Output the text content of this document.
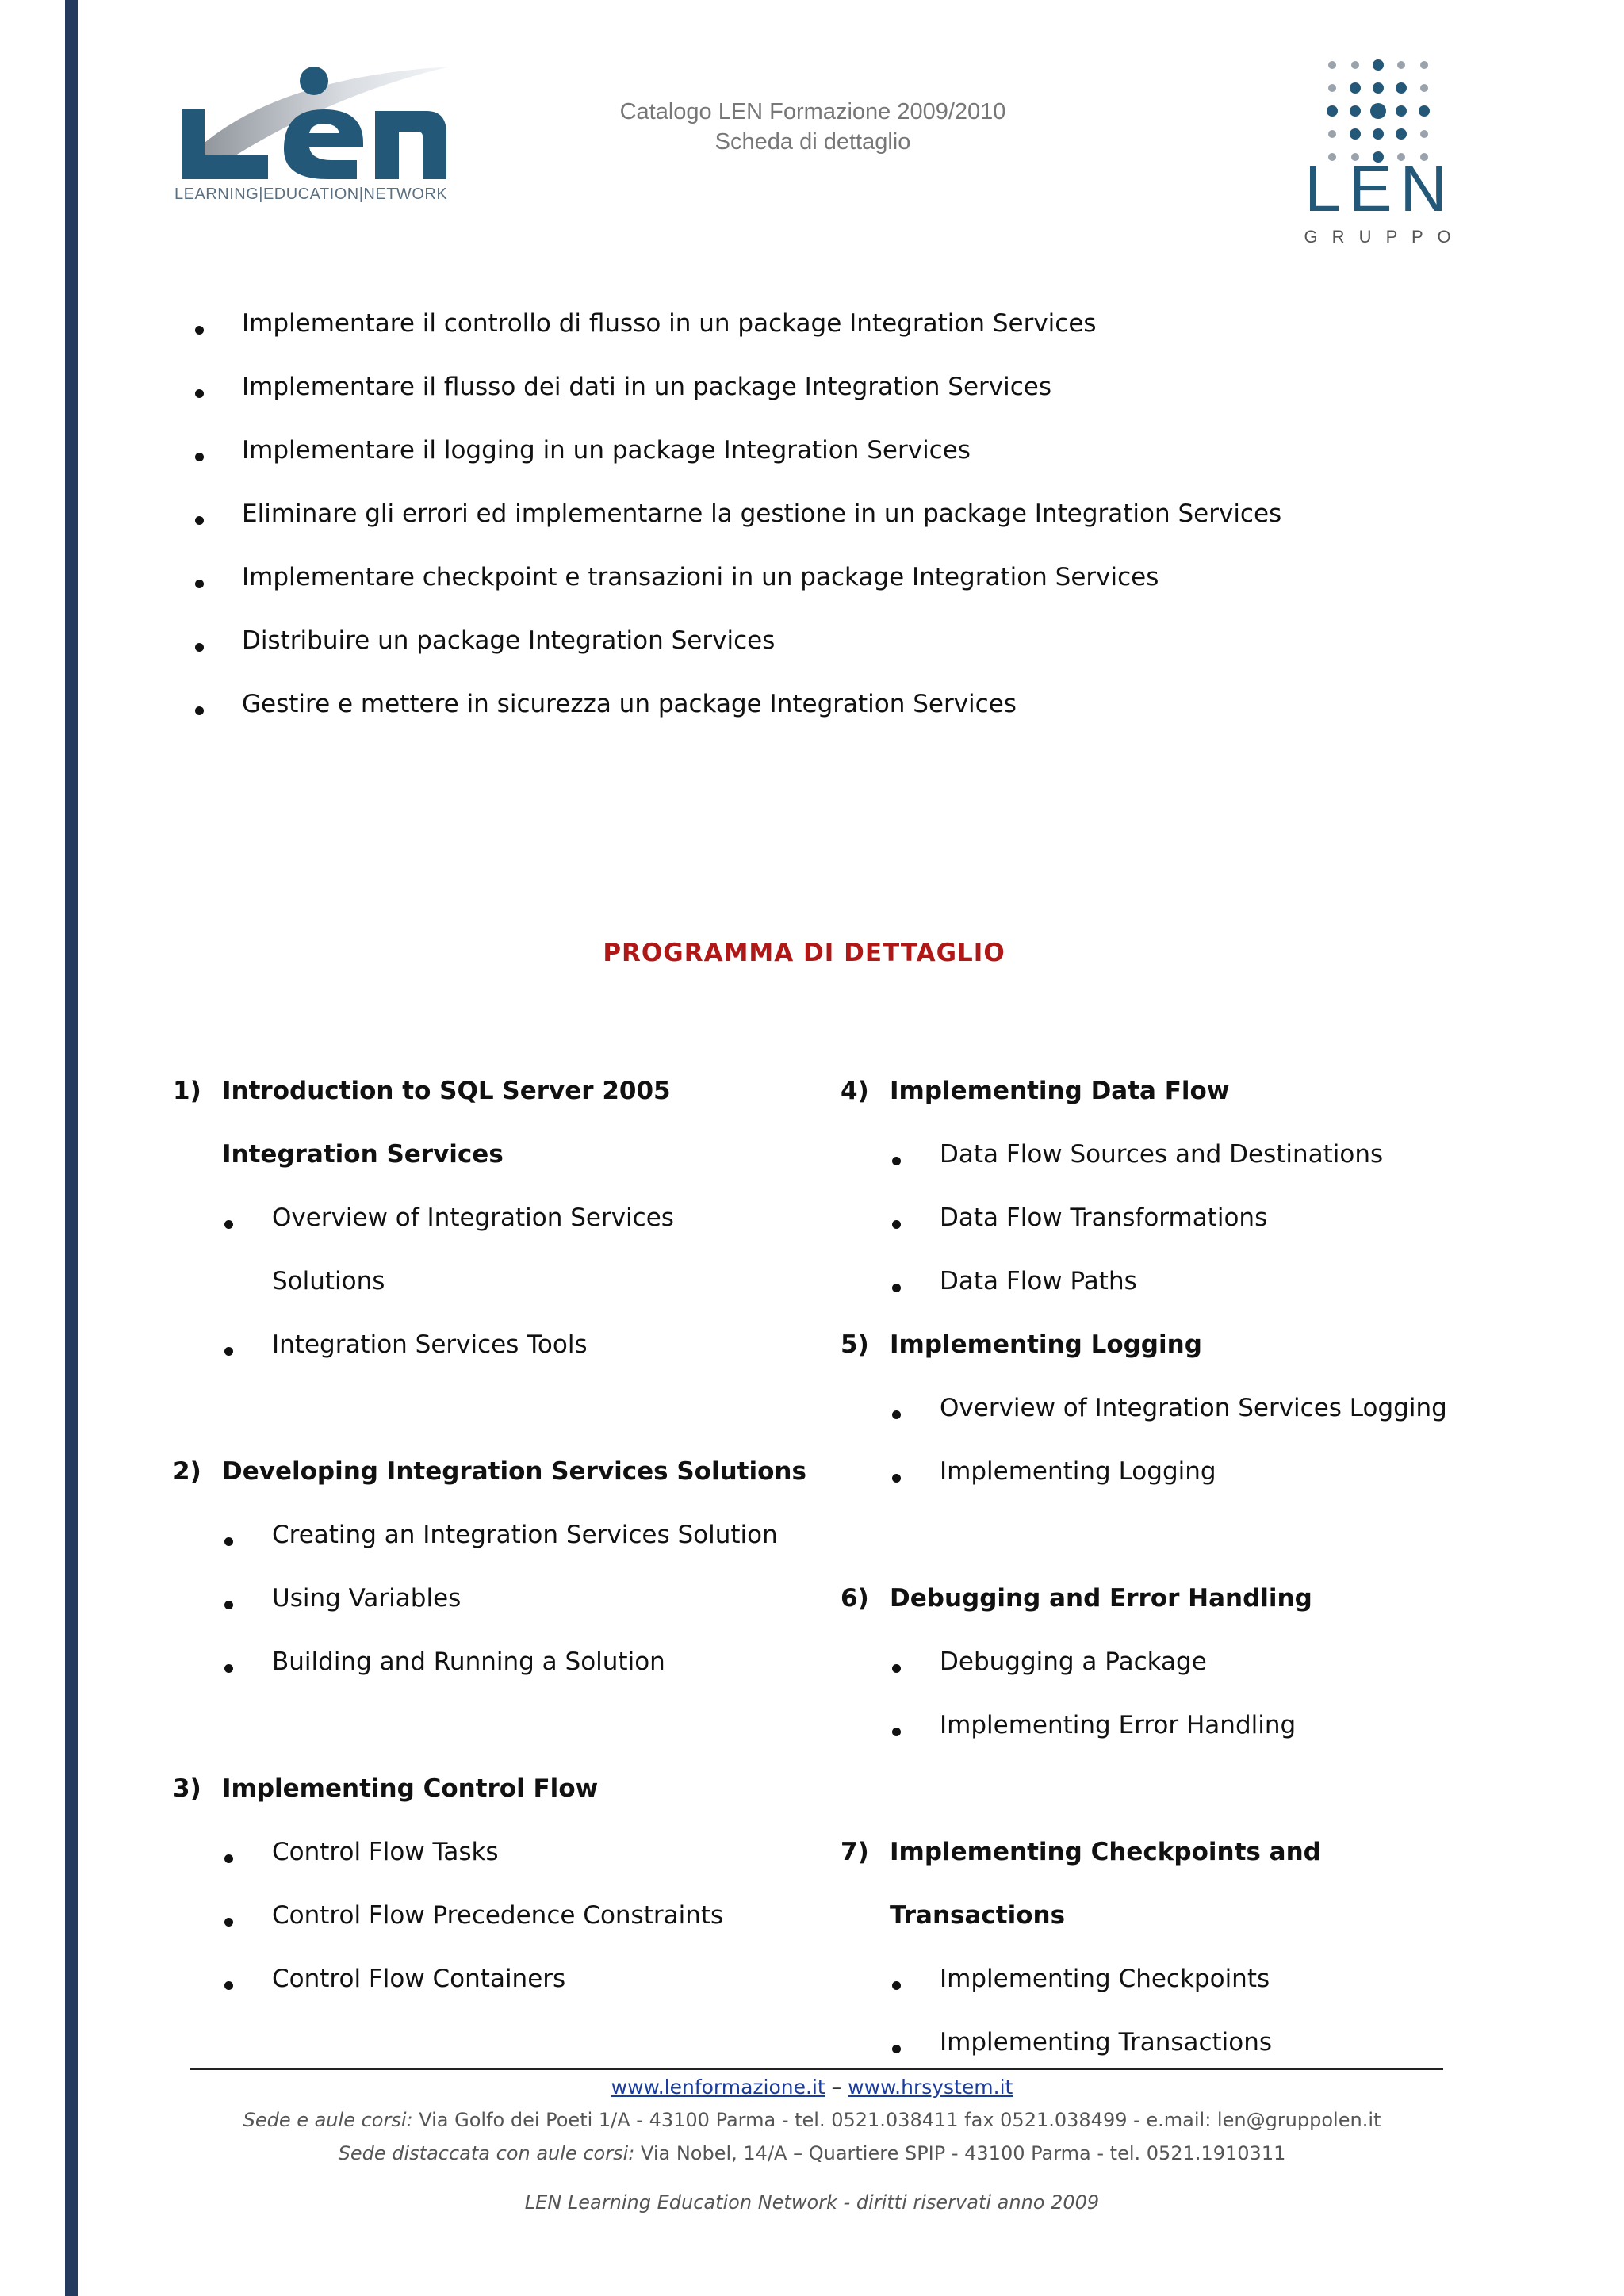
LEARNING|EDUCATION|NETWORK
Catalogo LEN Formazione 2009/2010
Scheda di dettaglio
LEN
G R U P P O
Implementare il controllo di flusso in un package Integration Services
Implementare il flusso dei dati in un package Integration Services
Implementare il logging in un package Integration Services
Eliminare gli errori ed implementarne la gestione in un package Integration Services
Implementare checkpoint e transazioni in un package Integration Services
Distribuire un package Integration Services
Gestire e mettere in sicurezza un package Integration Services
PROGRAMMA DI DETTAGLIO
1) Introduction to SQL Server 2005
Integration Services
Overview of Integration Services
Solutions
Integration Services Tools
2) Developing Integration Services Solutions
Creating an Integration Services Solution
Using Variables
Building and Running a Solution
3) Implementing Control Flow
Control Flow Tasks
Control Flow Precedence Constraints
Control Flow Containers
4) Implementing Data Flow
Data Flow Sources and Destinations
Data Flow Transformations
Data Flow Paths
5) Implementing Logging
Overview of Integration Services Logging
Implementing Logging
6) Debugging and Error Handling
Debugging a Package
Implementing Error Handling
7) Implementing Checkpoints and
Transactions
Implementing Checkpoints
Implementing Transactions
www.lenformazione.it – www.hrsystem.it
Sede e aule corsi: Via Golfo dei Poeti 1/A - 43100 Parma - tel. 0521.038411 fax 0521.038499 - e.mail: len@gruppolen.it
Sede distaccata con aule corsi: Via Nobel, 14/A – Quartiere SPIP - 43100 Parma - tel. 0521.1910311
LEN Learning Education Network - diritti riservati anno 2009
